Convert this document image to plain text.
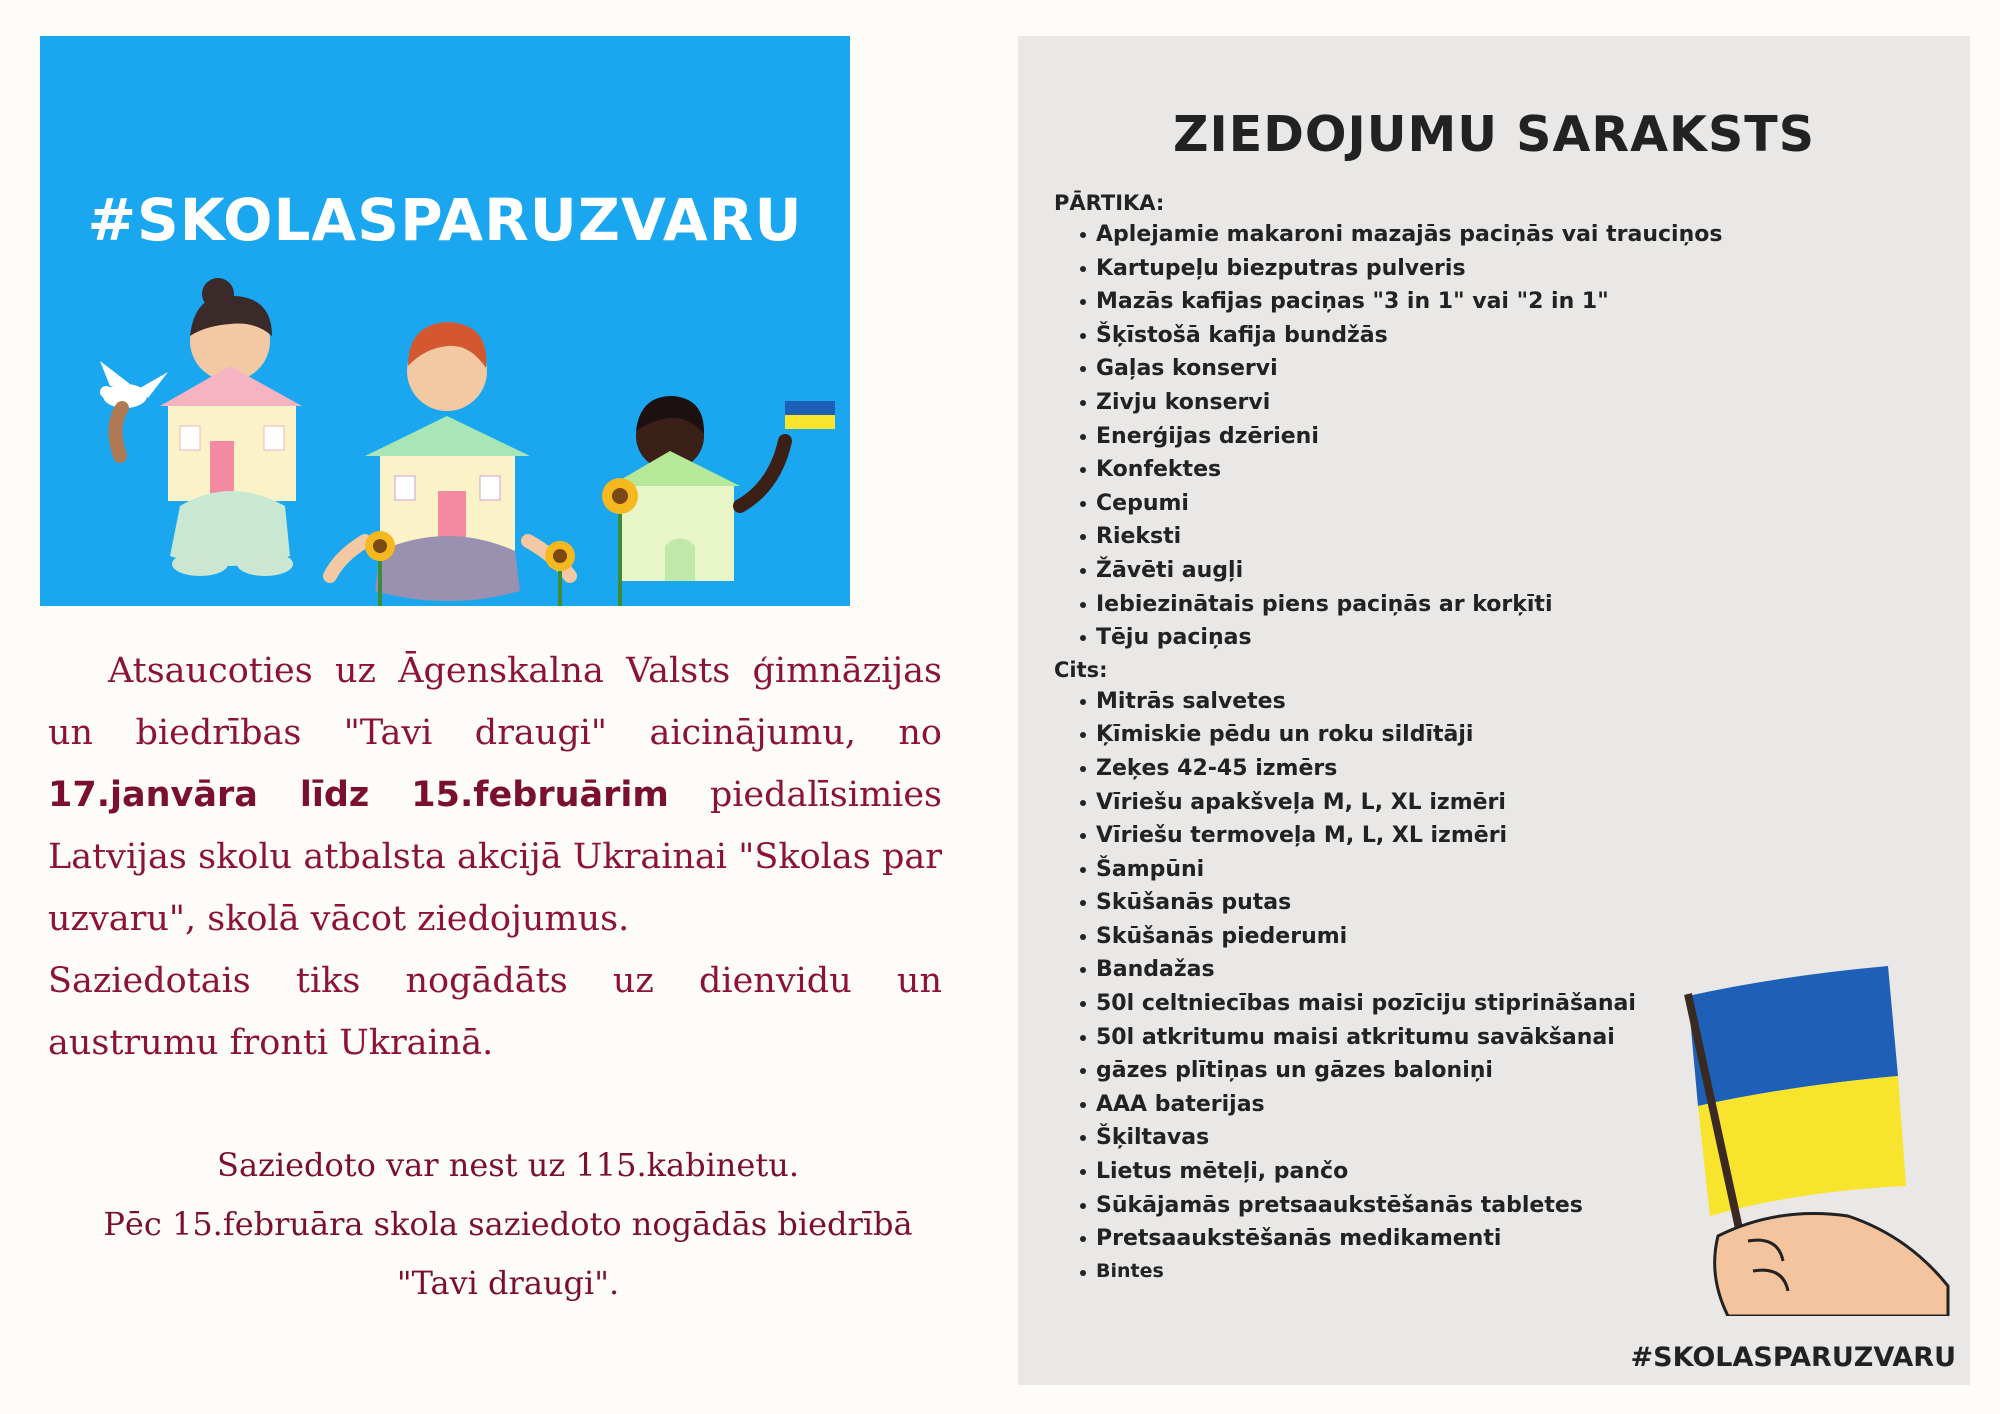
#SKOLASPARUZVARU

Atsaucoties uz Āgenskalna Valsts ģimnāzijas un biedrības "Tavi draugi" aicinājumu, no 17.janvāra līdz 15.februārim piedalīsimies Latvijas skolu atbalsta akcijā Ukrainai "Skolas par uzvaru", skolā vācot ziedojumus.

Saziedotais tiks nogādāts uz dienvidu un austrumu fronti Ukrainā.

Saziedoto var nest uz 115.kabinetu.
Pēc 15.februāra skola saziedoto nogādās biedrībā
"Tavi draugi".
ZIEDOJUMU SARAKSTS
PĀRTIKA:
Aplejamie makaroni mazajās paciņās vai trauciņos
Kartupeļu biezputras pulveris
Mazās kafijas paciņas "3 in 1" vai "2 in 1"
Šķīstošā kafija bundžās
Gaļas konservi
Zivju konservi
Enerģijas dzērieni
Konfektes
Cepumi
Rieksti
Žāvēti augļi
Iebiezinātais piens paciņās ar korķīti
Tēju paciņas
Cits:
Mitrās salvetes
Ķīmiskie pēdu un roku sildītāji
Zeķes 42-45 izmērs
Vīriešu apakšveļa M, L, XL izmēri
Vīriešu termoveļa M, L, XL izmēri
Šampūni
Skūšanās putas
Skūšanās piederumi
Bandažas
50l celtniecības maisi pozīciju stiprināšanai
50l atkritumu maisi atkritumu savākšanai
gāzes plītiņas un gāzes baloniņi
AAA baterijas
Šķiltavas
Lietus mēteļi, pančo
Sūkājamās pretsaaukstēšanās tabletes
Pretsaaukstēšanās medikamenti
Bintes
#SKOLASPARUZVARU
